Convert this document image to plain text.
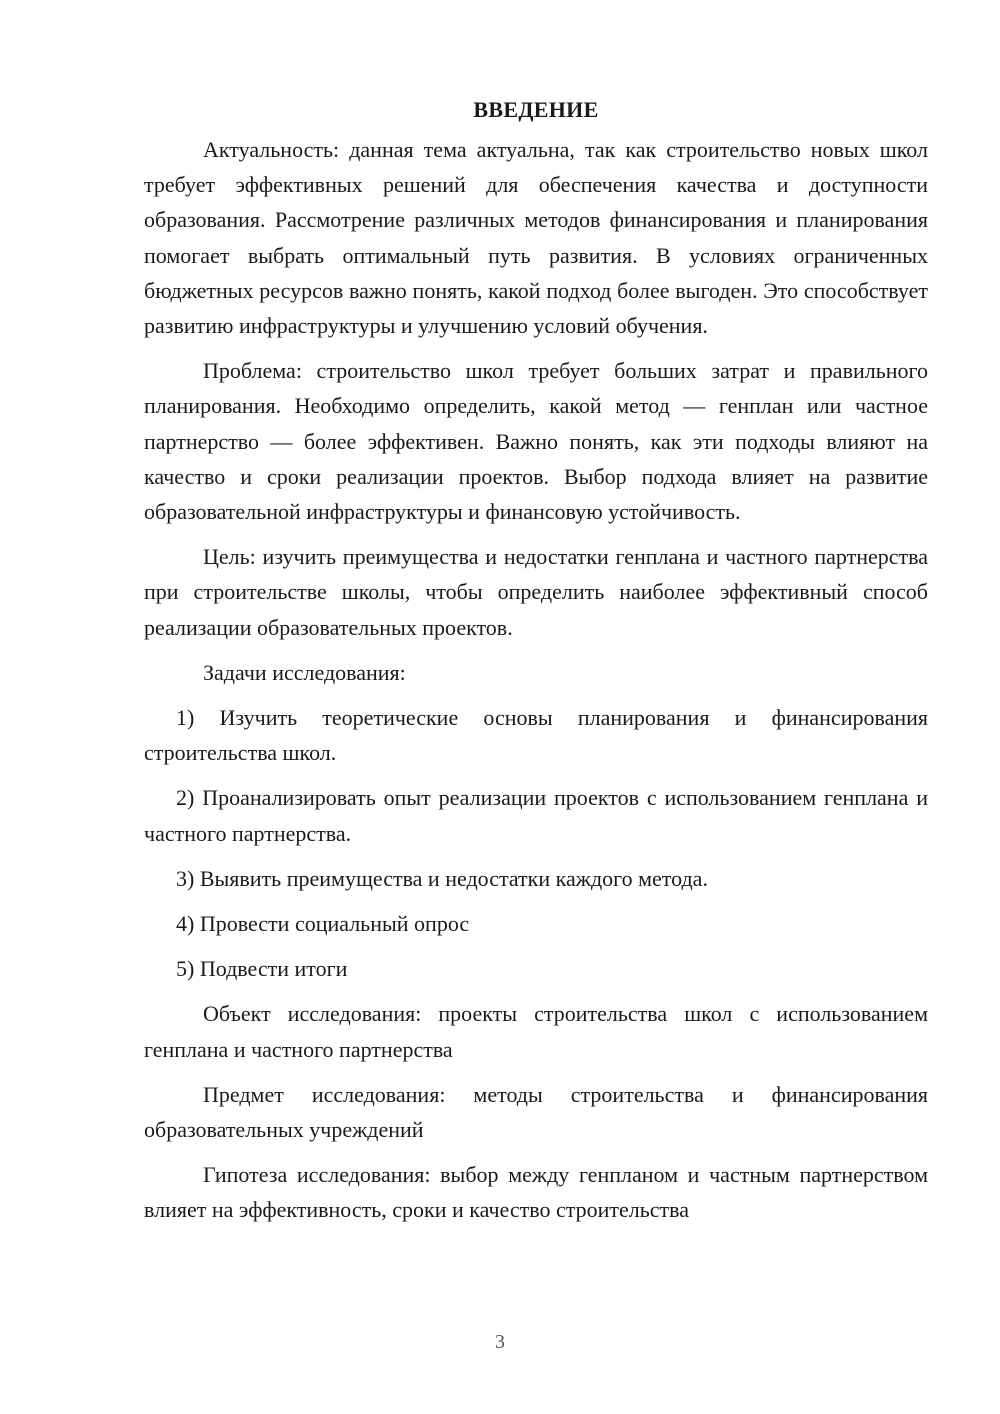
ВВЕДЕНИЕ

Актуальность: данная тема актуальна, так как строительство новых школ требует эффективных решений для обеспечения качества и доступности образования. Рассмотрение различных методов финансирования и планирования помогает выбрать оптимальный путь развития. В условиях ограниченных бюджетных ресурсов важно понять, какой подход более выгоден. Это способствует развитию инфраструктуры и улучшению условий обучения.

Проблема: строительство школ требует больших затрат и правильного планирования. Необходимо определить, какой метод — генплан или частное партнерство — более эффективен. Важно понять, как эти подходы влияют на качество и сроки реализации проектов. Выбор подхода влияет на развитие образовательной инфраструктуры и финансовую устойчивость.

Цель: изучить преимущества и недостатки генплана и частного партнерства при строительстве школы, чтобы определить наиболее эффективный способ реализации образовательных проектов.

Задачи исследования:

1) Изучить теоретические основы планирования и финансирования строительства школ.

2) Проанализировать опыт реализации проектов с использованием генплана и частного партнерства.

3) Выявить преимущества и недостатки каждого метода.

4) Провести социальный опрос

5) Подвести итоги

Объект исследования: проекты строительства школ с использованием генплана и частного партнерства

Предмет исследования: методы строительства и финансирования образовательных учреждений

Гипотеза исследования: выбор между генпланом и частным партнерством влияет на эффективность, сроки и качество строительства

3
